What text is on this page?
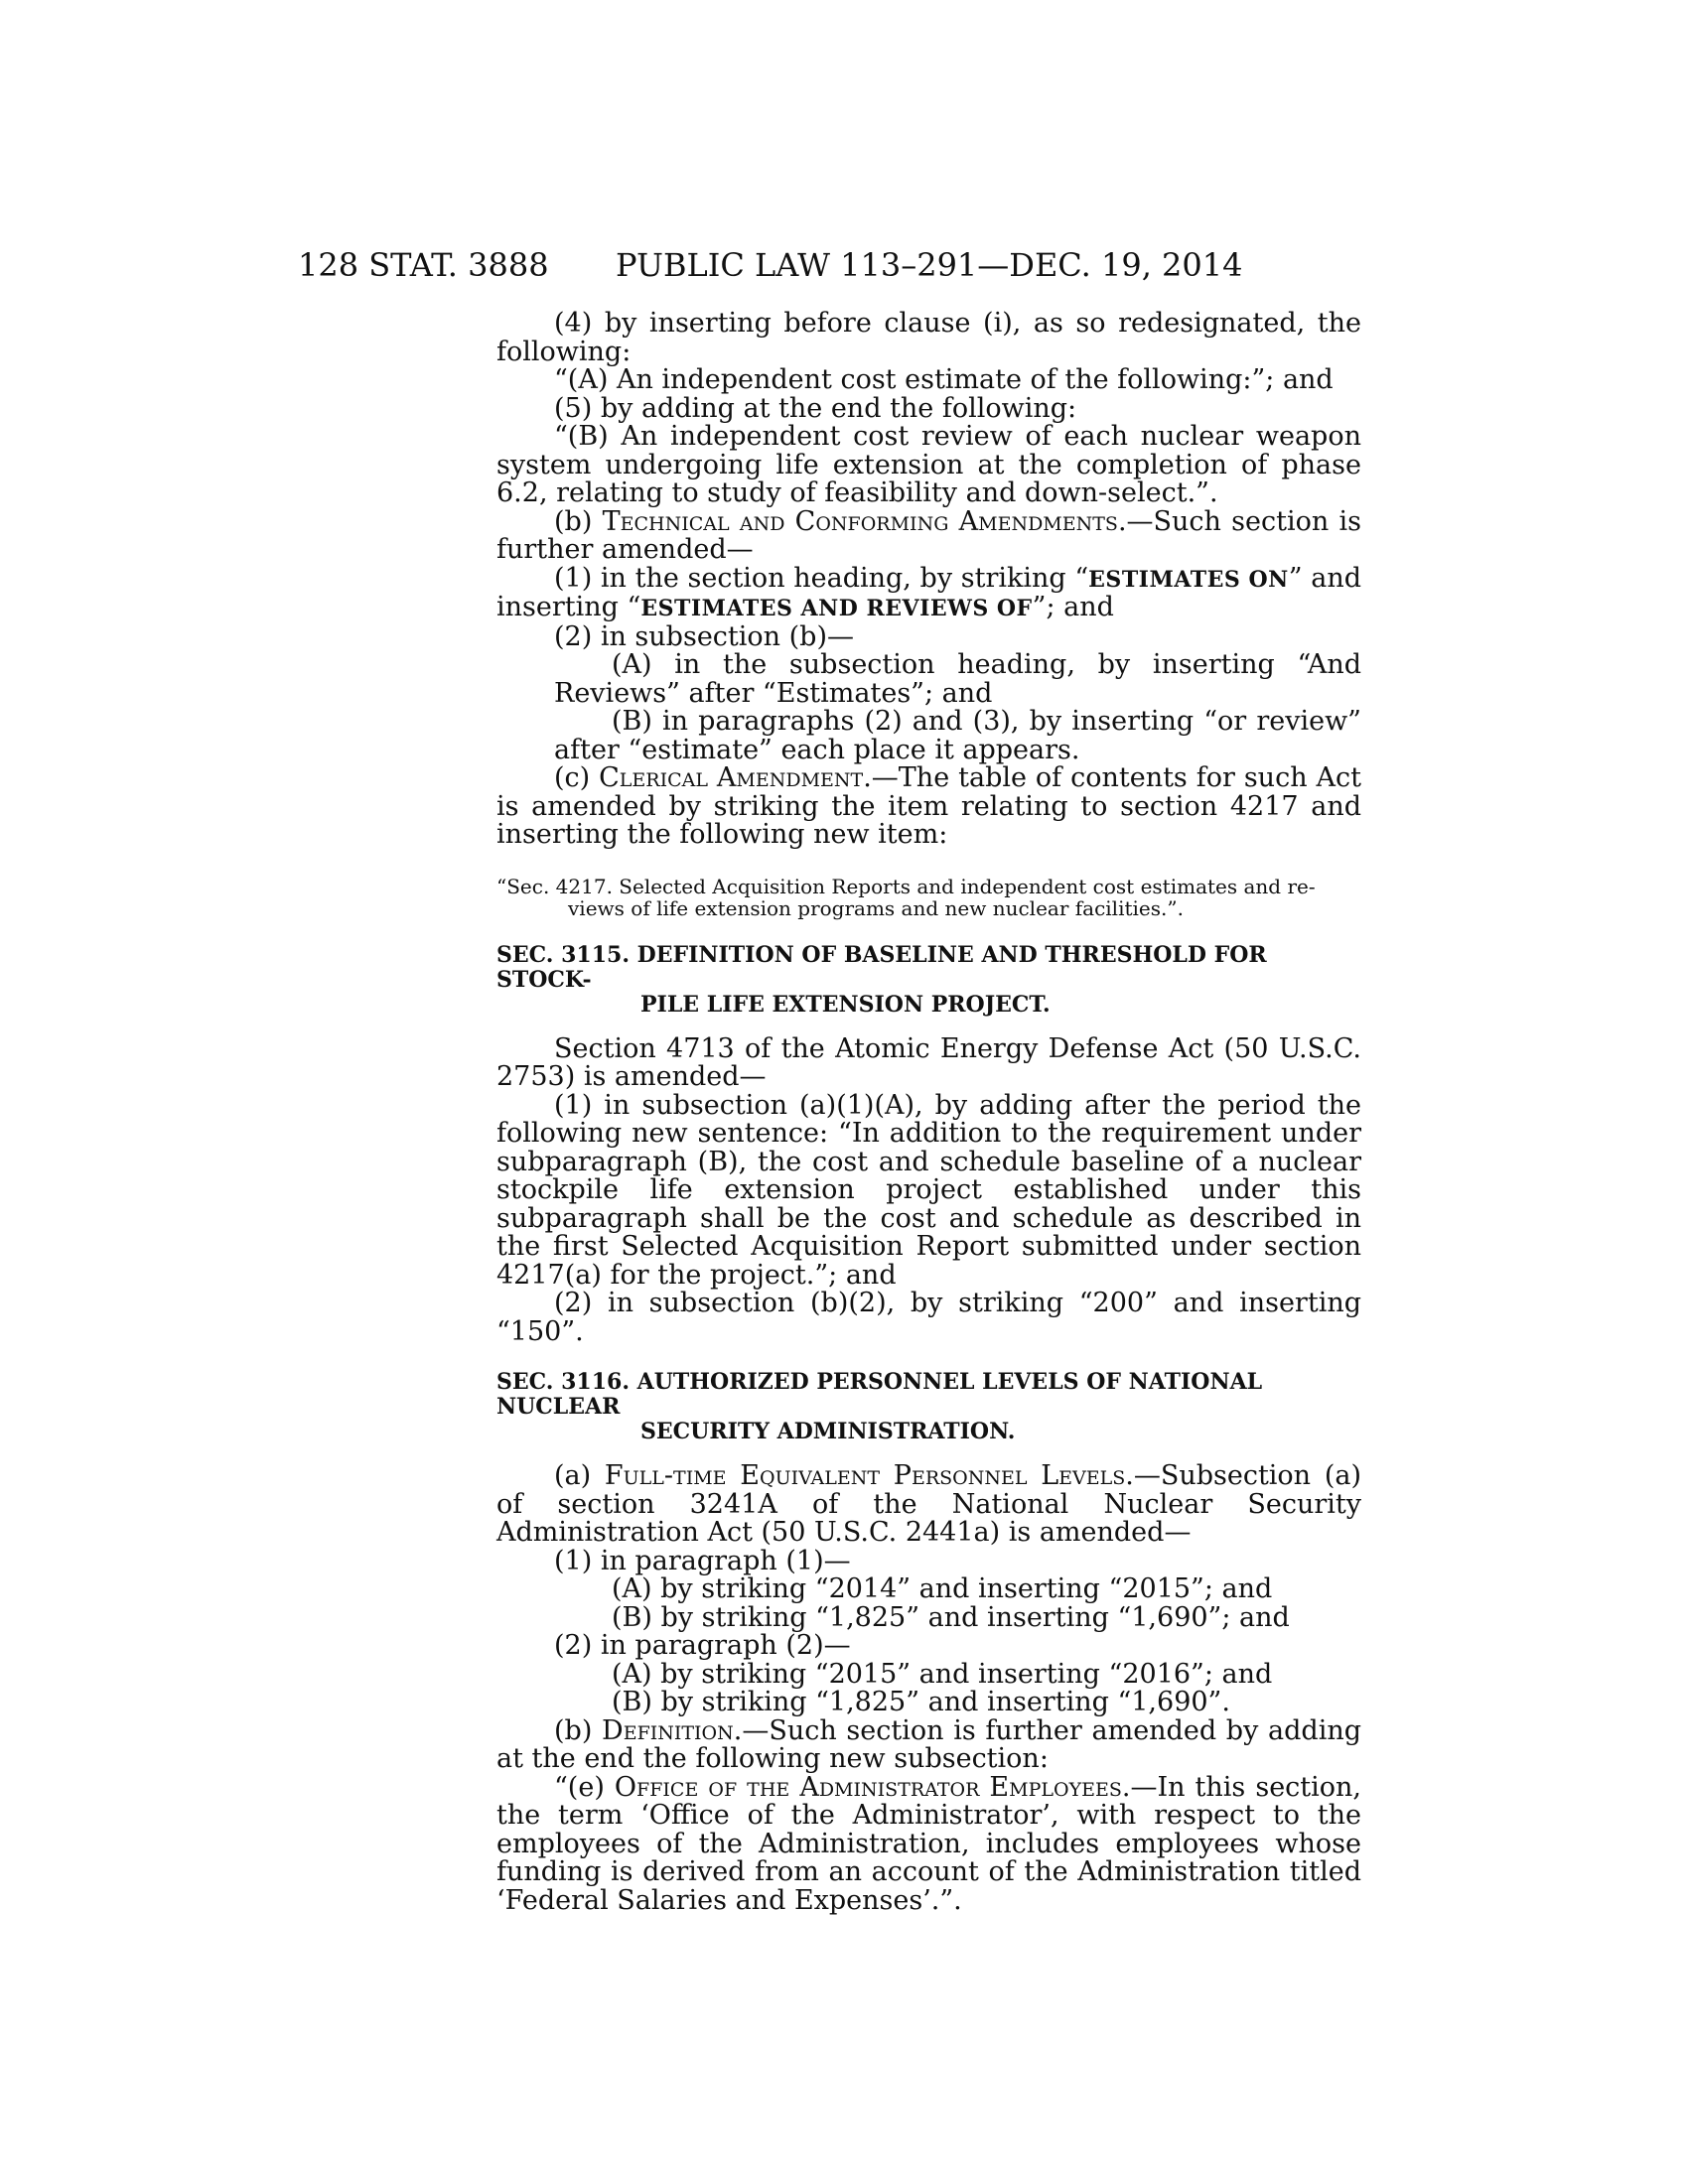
128 STAT. 3888 PUBLIC LAW 113–291—DEC. 19, 2014

(4) by inserting before clause (i), as so redesignated, the following:

“(A) An independent cost estimate of the following:”; and

(5) by adding at the end the following:

“(B) An independent cost review of each nuclear weapon system undergoing life extension at the completion of phase 6.2, relating to study of feasibility and down-select.”.

(b) Technical and Conforming Amendments.—Such section is further amended—

(1) in the section heading, by striking “ESTIMATES ON” and inserting “ESTIMATES AND REVIEWS OF”; and

(2) in subsection (b)—

(A) in the subsection heading, by inserting “And Reviews” after “Estimates”; and

(B) in paragraphs (2) and (3), by inserting “or review” after “estimate” each place it appears.

(c) Clerical Amendment.—The table of contents for such Act is amended by striking the item relating to section 4217 and inserting the following new item:

“Sec. 4217. Selected Acquisition Reports and independent cost estimates and re-
views of life extension programs and new nuclear facilities.”.
SEC. 3115. DEFINITION OF BASELINE AND THRESHOLD FOR STOCK-
PILE LIFE EXTENSION PROJECT.

Section 4713 of the Atomic Energy Defense Act (50 U.S.C. 2753) is amended—

(1) in subsection (a)(1)(A), by adding after the period the following new sentence: “In addition to the requirement under subparagraph (B), the cost and schedule baseline of a nuclear stockpile life extension project established under this subparagraph shall be the cost and schedule as described in the first Selected Acquisition Report submitted under section 4217(a) for the project.”; and

(2) in subsection (b)(2), by striking “200” and inserting “150”.

SEC. 3116. AUTHORIZED PERSONNEL LEVELS OF NATIONAL NUCLEAR
SECURITY ADMINISTRATION.

(a) Full-time Equivalent Personnel Levels.—Subsection (a) of section 3241A of the National Nuclear Security Administration Act (50 U.S.C. 2441a) is amended—

(1) in paragraph (1)—

(A) by striking “2014” and inserting “2015”; and

(B) by striking “1,825” and inserting “1,690”; and

(2) in paragraph (2)—

(A) by striking “2015” and inserting “2016”; and

(B) by striking “1,825” and inserting “1,690”.

(b) Definition.—Such section is further amended by adding at the end the following new subsection:

“(e) Office of the Administrator Employees.—In this section, the term ‘Office of the Administrator’, with respect to the employees of the Administration, includes employees whose funding is derived from an account of the Administration titled ‘Federal Salaries and Expenses’.”.
